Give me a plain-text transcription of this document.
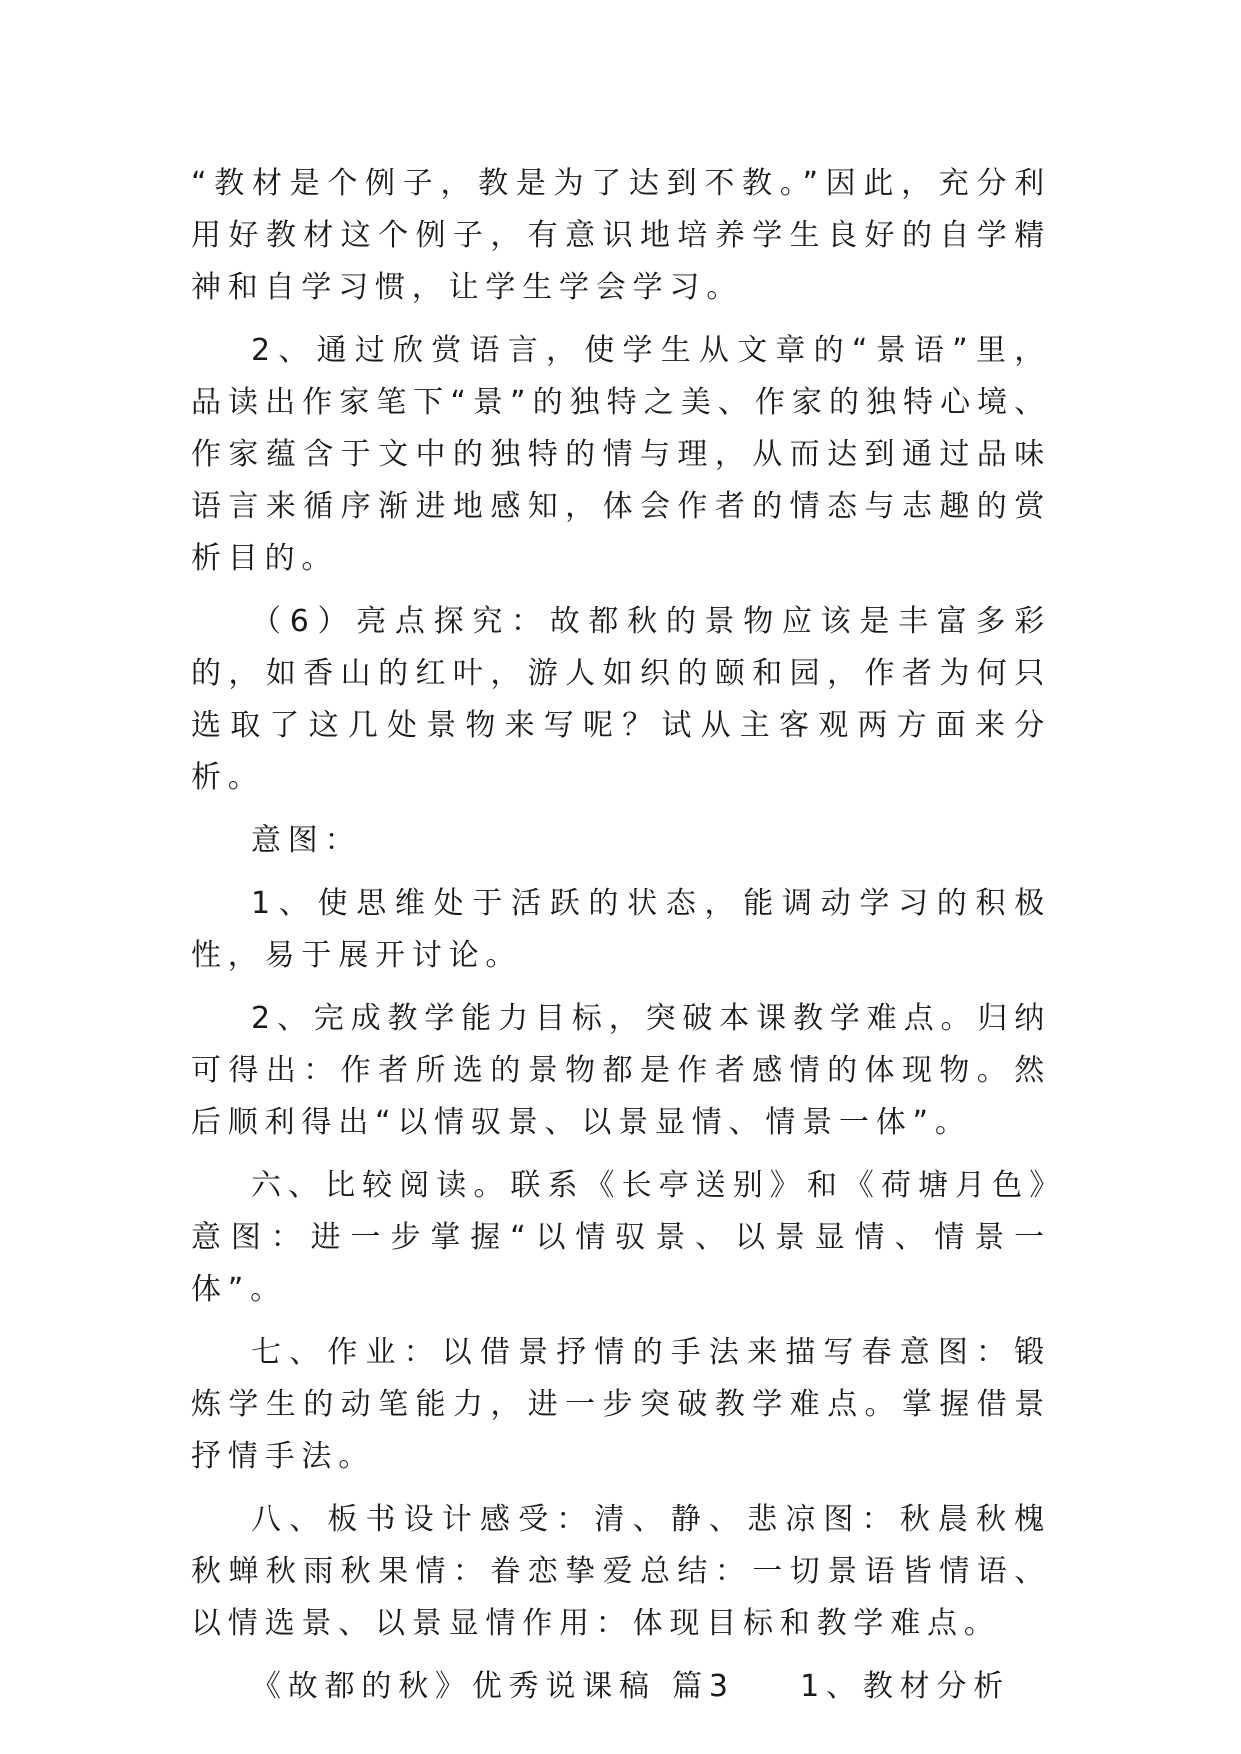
“教材是个例子，教是为了达到不教。”因此，充分利用好教材这个例子，有意识地培养学生良好的自学精神和自学习惯，让学生学会学习。

2、通过欣赏语言，使学生从文章的“景语”里，品读出作家笔下“景”的独特之美、作家的独特心境、作家蕴含于文中的独特的情与理，从而达到通过品味语言来循序渐进地感知，体会作者的情态与志趣的赏析目的。

（6）亮点探究：故都秋的景物应该是丰富多彩的，如香山的红叶，游人如织的颐和园，作者为何只选取了这几处景物来写呢？试从主客观两方面来分析。

意图：

1、使思维处于活跃的状态，能调动学习的积极性，易于展开讨论。

2、完成教学能力目标，突破本课教学难点。归纳可得出：作者所选的景物都是作者感情的体现物。然后顺利得出“以情驭景、以景显情、情景一体”。

六、比较阅读。联系《长亭送别》和《荷塘月色》意图：进一步掌握“以情驭景、以景显情、情景一体”。

七、作业：以借景抒情的手法来描写春意图：锻炼学生的动笔能力，进一步突破教学难点。掌握借景抒情手法。

八、板书设计感受：清、静、悲凉图：秋晨秋槐秋蝉秋雨秋果情：眷恋挚爱总结：一切景语皆情语、以情选景、以景显情作用：体现目标和教学难点。

《故都的秋》优秀说课稿 篇3    1、教材分析
